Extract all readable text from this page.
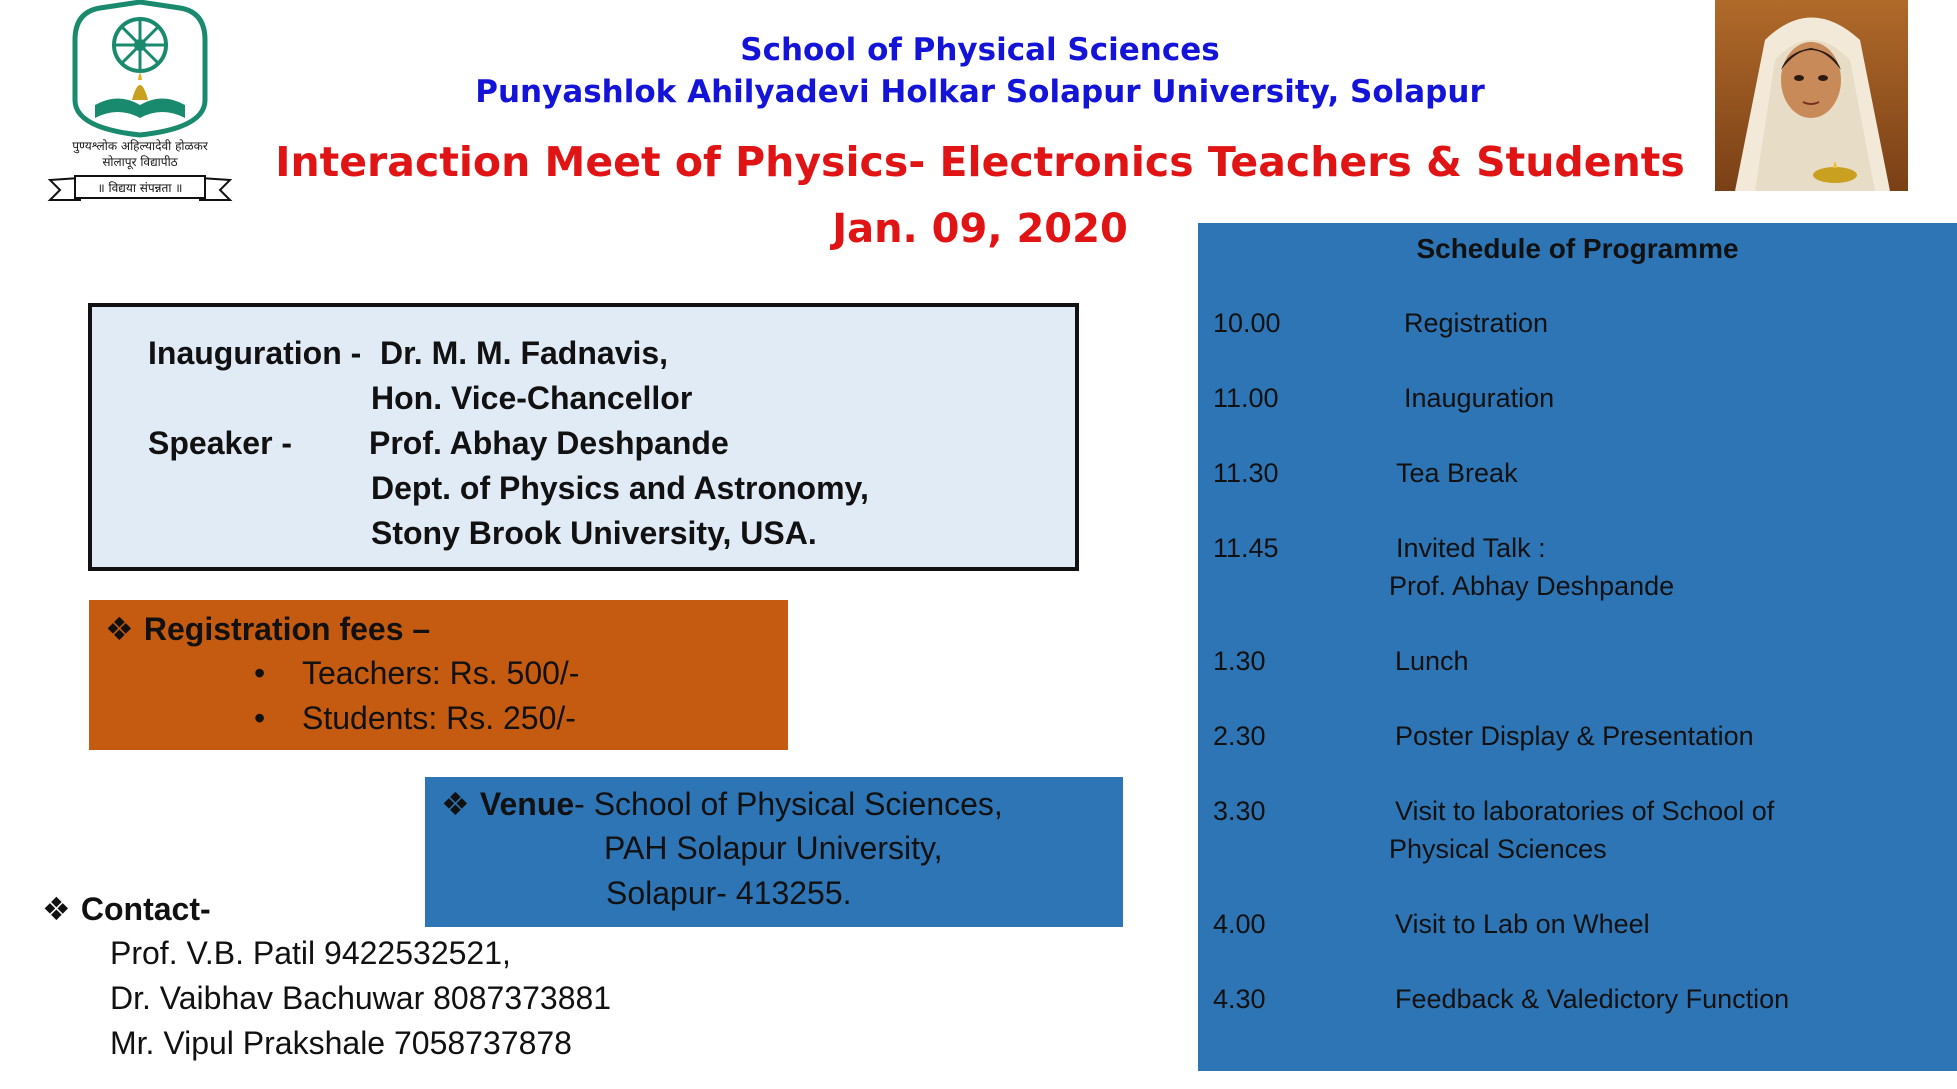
पुण्यश्लोक अहिल्यादेवी होळकर
सोलापूर विद्यापीठ
॥ विद्यया संपन्नता ॥
School of Physical Sciences
Punyashlok Ahilyadevi Holkar Solapur University, Solapur
Interaction Meet of Physics- Electronics Teachers & Students
Jan. 09, 2020
Inauguration - Dr. M. M. Fadnavis,
Hon. Vice-Chancellor
Speaker - Prof. Abhay Deshpande
Dept. of Physics and Astronomy,
Stony Brook University, USA.
❖ Registration fees –
• Teachers: Rs. 500/-
• Students: Rs. 250/-
❖ Venue- School of Physical Sciences,
PAH Solapur University,
Solapur- 413255.
❖ Contact-
Prof. V.B. Patil 9422532521,
Dr. Vaibhav Bachuwar 8087373881
Mr. Vipul Prakshale 7058737878
Schedule of Programme
10.00	Registration
11.00	Inauguration
11.30	Tea Break
11.45	Invited Talk :
Prof. Abhay Deshpande
1.30	Lunch
2.30	Poster Display & Presentation
3.30	Visit to laboratories of School of
Physical Sciences
4.00	Visit to Lab on Wheel
4.30	Feedback & Valedictory Function
